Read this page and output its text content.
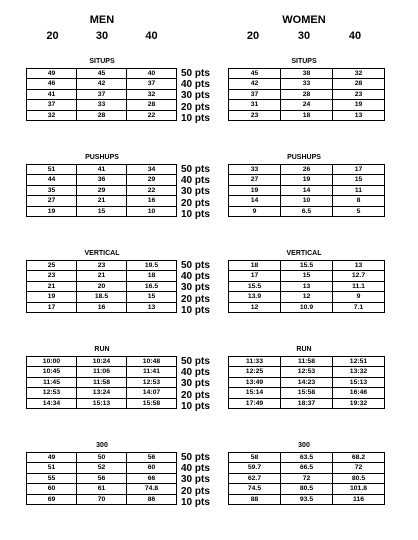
MEN
20	30	40
WOMEN
20	30	40
SITUPS	SITUPS
49	45	40
46	42	37
41	37	32
37	33	28
32	28	22
45	38	32
42	33	28
37	28	23
31	24	19
23	18	13
50 pts
40 pts
30 pts
20 pts
10 pts
PUSHUPS	PUSHUPS
51	41	34
44	36	29
35	29	22
27	21	16
19	15	10
33	26	17
27	19	15
19	14	11
14	10	8
9	6.5	5
50 pts
40 pts
30 pts
20 pts
10 pts
VERTICAL	VERTICAL
25	23	19.5
23	21	18
21	20	16.5
19	18.5	15
17	16	13
18	15.5	13
17	15	12.7
15.5	13	11.1
13.9	12	9
12	10.9	7.1
50 pts
40 pts
30 pts
20 pts
10 pts
RUN	RUN
10:00	10:24	10:48
10:45	11:06	11:41
11:45	11:58	12:53
12:53	13:24	14:07
14:34	15:13	15:58
11:33	11:58	12:51
12:25	12:53	13:32
13:49	14:23	15:13
15:14	15:58	16:46
17:49	18:37	19:32
50 pts
40 pts
30 pts
20 pts
10 pts
300	300
49	50	56
51	52	60
55	56	66
60	61	74.8
69	70	86
58	63.5	68.2
59.7	66.5	72
62.7	72	80.5
74.5	80.5	101.8
88	93.5	116
50 pts
40 pts
30 pts
20 pts
10 pts
